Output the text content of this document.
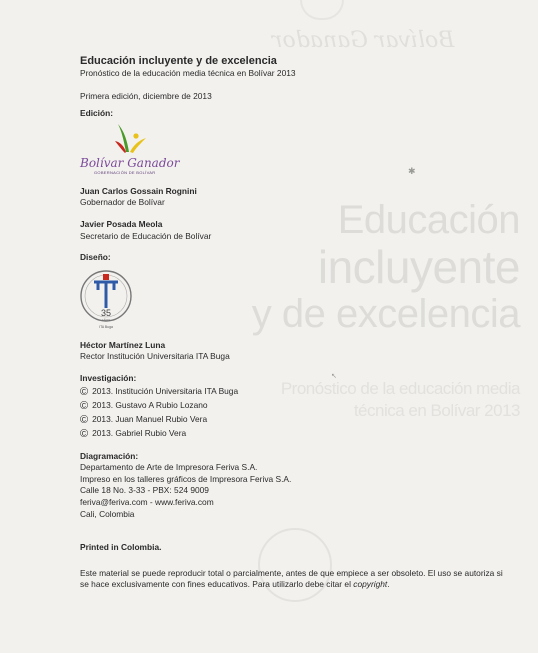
Bolívar Ganador
Educación
incluyente
y de excelencia
Pronóstico de la educación media
técnica en Bolívar 2013
✱
↖

Educación incluyente y de excelencia

Pronóstico de la educación media técnica en Bolívar 2013

Primera edición, diciembre de 2013

Edición:

Bolívar Ganador
GOBERNACIÓN DE BOLÍVAR

Juan Carlos Gossain Rognini

Gobernador de Bolívar

Javier Posada Meola

Secretario de Educación de Bolívar

Diseño:

35
AÑOS
ITA Buga

Héctor Martínez Luna

Rector Institución Universitaria ITA Buga

Investigación:

© 2013. Institución Universitaria ITA Buga

© 2013. Gustavo A Rubio Lozano

© 2013. Juan Manuel Rubio Vera

© 2013. Gabriel Rubio Vera

Diagramación:

Departamento de Arte de Impresora Feriva S.A.

Impreso en los talleres gráficos de Impresora Feriva S.A.

Calle 18 No. 3-33 - PBX: 524 9009

feriva@feriva.com - www.feriva.com

Cali, Colombia

Printed in Colombia.

Este material se puede reproducir total o parcialmente, antes de que empiece a ser obsoleto. El uso se autoriza si se hace exclusivamente con fines educativos. Para utilizarlo debe citar el copyright.
